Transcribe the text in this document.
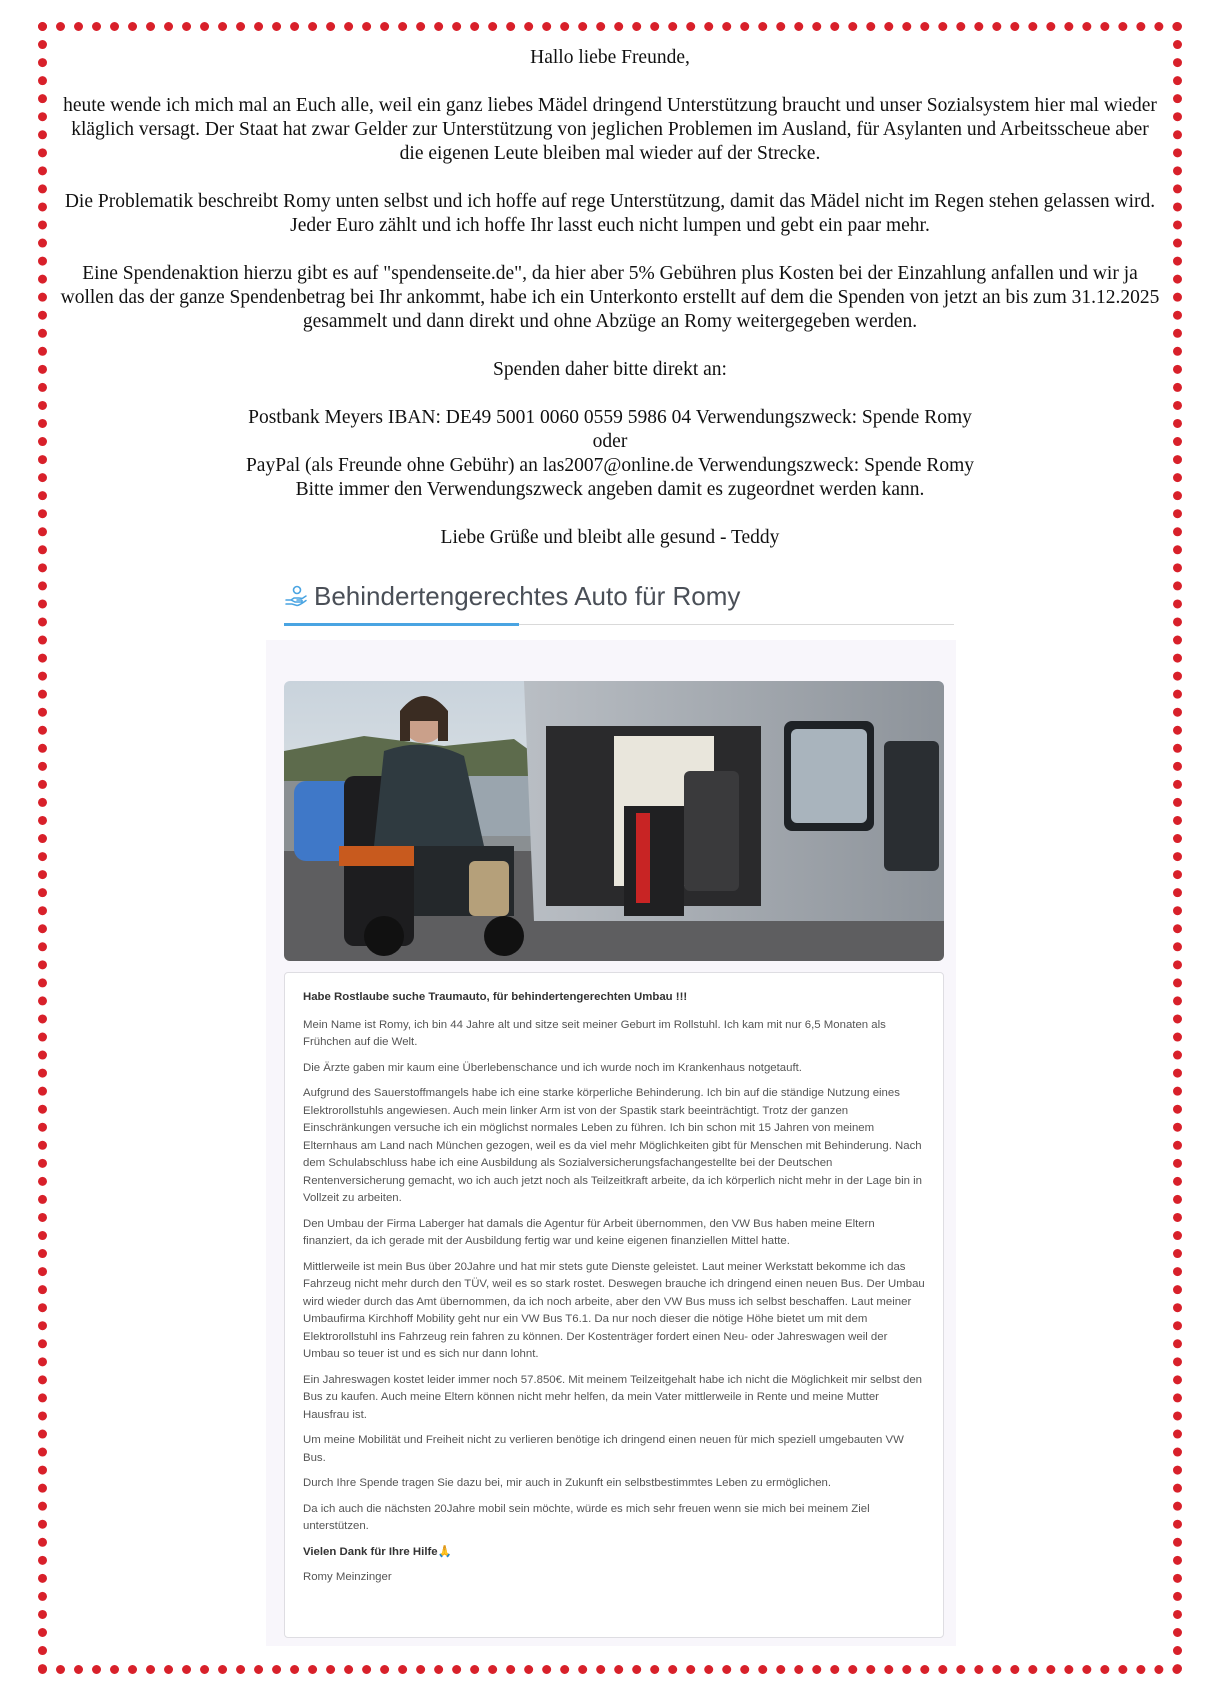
Hallo liebe Freunde,

heute wende ich mich mal an Euch alle, weil ein ganz liebes Mädel dringend Unterstützung braucht und unser Sozialsystem hier mal wieder kläglich versagt. Der Staat hat zwar Gelder zur Unterstützung von jeglichen Problemen im Ausland, für Asylanten und Arbeitsscheue aber die eigenen Leute bleiben mal wieder auf der Strecke.

Die Problematik beschreibt Romy unten selbst und ich hoffe auf rege Unterstützung, damit das Mädel nicht im Regen stehen gelassen wird. Jeder Euro zählt und ich hoffe Ihr lasst euch nicht lumpen und gebt ein paar mehr.

Eine Spendenaktion hierzu gibt es auf "spendenseite.de", da hier aber 5% Gebühren plus Kosten bei der Einzahlung anfallen und wir ja wollen das der ganze Spendenbetrag bei Ihr ankommt, habe ich ein Unterkonto erstellt auf dem die Spenden von jetzt an bis zum 31.12.2025 gesammelt und dann direkt und ohne Abzüge an Romy weitergegeben werden.

Spenden daher bitte direkt an:

Postbank Meyers IBAN: DE49 5001 0060 0559 5986 04 Verwendungszweck: Spende Romy

oder

PayPal (als Freunde ohne Gebühr) an las2007@online.de Verwendungszweck: Spende Romy

Bitte immer den Verwendungszweck angeben damit es zugeordnet werden kann.

Liebe Grüße und bleibt alle gesund - Teddy

Behindertengerechtes Auto für Romy

Habe Rostlaube suche Traumauto, für behindertengerechten Umbau !!!

Mein Name ist Romy, ich bin 44 Jahre alt und sitze seit meiner Geburt im Rollstuhl. Ich kam mit nur 6,5 Monaten als Frühchen auf die Welt.

Die Ärzte gaben mir kaum eine Überlebenschance und ich wurde noch im Krankenhaus notgetauft.

Aufgrund des Sauerstoffmangels habe ich eine starke körperliche Behinderung. Ich bin auf die ständige Nutzung eines Elektrorollstuhls angewiesen. Auch mein linker Arm ist von der Spastik stark beeinträchtigt. Trotz der ganzen Einschränkungen versuche ich ein möglichst normales Leben zu führen. Ich bin schon mit 15 Jahren von meinem Elternhaus am Land nach München gezogen, weil es da viel mehr Möglichkeiten gibt für Menschen mit Behinderung. Nach dem Schulabschluss habe ich eine Ausbildung als Sozialversicherungsfachangestellte bei der Deutschen Rentenversicherung gemacht, wo ich auch jetzt noch als Teilzeitkraft arbeite, da ich körperlich nicht mehr in der Lage bin in Vollzeit zu arbeiten.

Den Umbau der Firma Laberger hat damals die Agentur für Arbeit übernommen, den VW Bus haben meine Eltern finanziert, da ich gerade mit der Ausbildung fertig war und keine eigenen finanziellen Mittel hatte.

Mittlerweile ist mein Bus über 20Jahre und hat mir stets gute Dienste geleistet. Laut meiner Werkstatt bekomme ich das Fahrzeug nicht mehr durch den TÜV, weil es so stark rostet. Deswegen brauche ich dringend einen neuen Bus. Der Umbau wird wieder durch das Amt übernommen, da ich noch arbeite, aber den VW Bus muss ich selbst beschaffen. Laut meiner Umbaufirma Kirchhoff Mobility geht nur ein VW Bus T6.1. Da nur noch dieser die nötige Höhe bietet um mit dem Elektrorollstuhl ins Fahrzeug rein fahren zu können. Der Kostenträger fordert einen Neu- oder Jahreswagen weil der Umbau so teuer ist und es sich nur dann lohnt.

Ein Jahreswagen kostet leider immer noch 57.850€. Mit meinem Teilzeitgehalt habe ich nicht die Möglichkeit mir selbst den Bus zu kaufen. Auch meine Eltern können nicht mehr helfen, da mein Vater mittlerweile in Rente und meine Mutter Hausfrau ist.

Um meine Mobilität und Freiheit nicht zu verlieren benötige ich dringend einen neuen für mich speziell umgebauten VW Bus.

Durch Ihre Spende tragen Sie dazu bei, mir auch in Zukunft ein selbstbestimmtes Leben zu ermöglichen.

Da ich auch die nächsten 20Jahre mobil sein möchte, würde es mich sehr freuen wenn sie mich bei meinem Ziel unterstützen.

Vielen Dank für Ihre Hilfe🙏

Romy Meinzinger
